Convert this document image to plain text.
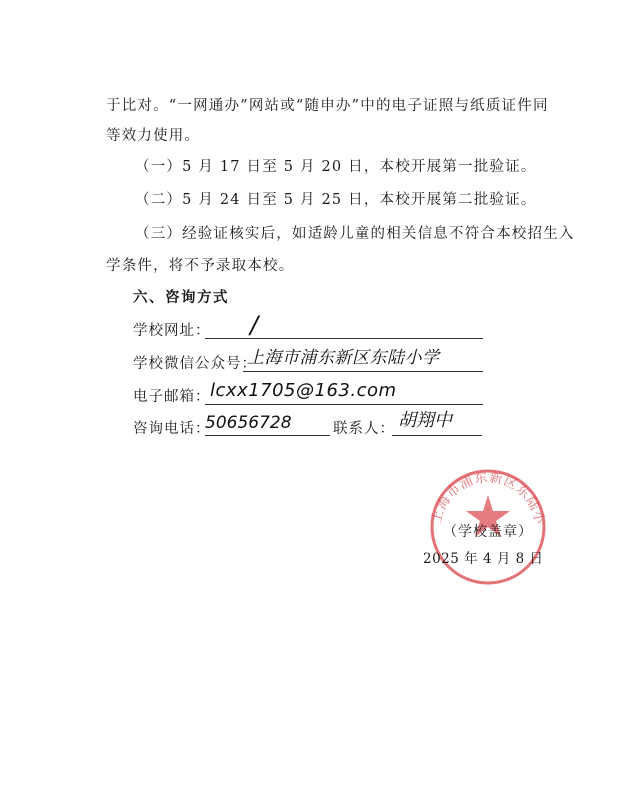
于比对。“一网通办”网站或“随申办”中的电子证照与纸质证件同
等效力使用。
（一）5 月 17 日至 5 月 20 日，本校开展第一批验证。
（二）5 月 24 日至 5 月 25 日，本校开展第二批验证。
（三）经验证核实后，如适龄儿童的相关信息不符合本校招生入
学条件，将不予录取本校。
六、咨询方式
学校网址： /
学校微信公众号：
上海市浦东新区东陆小学
电子邮箱： lcxx1705@163.com
咨询电话：
50656728	联系人： 胡翔中
上海市浦东新区东陆小
（学校盖章）
2025 年 4 月 8 日
